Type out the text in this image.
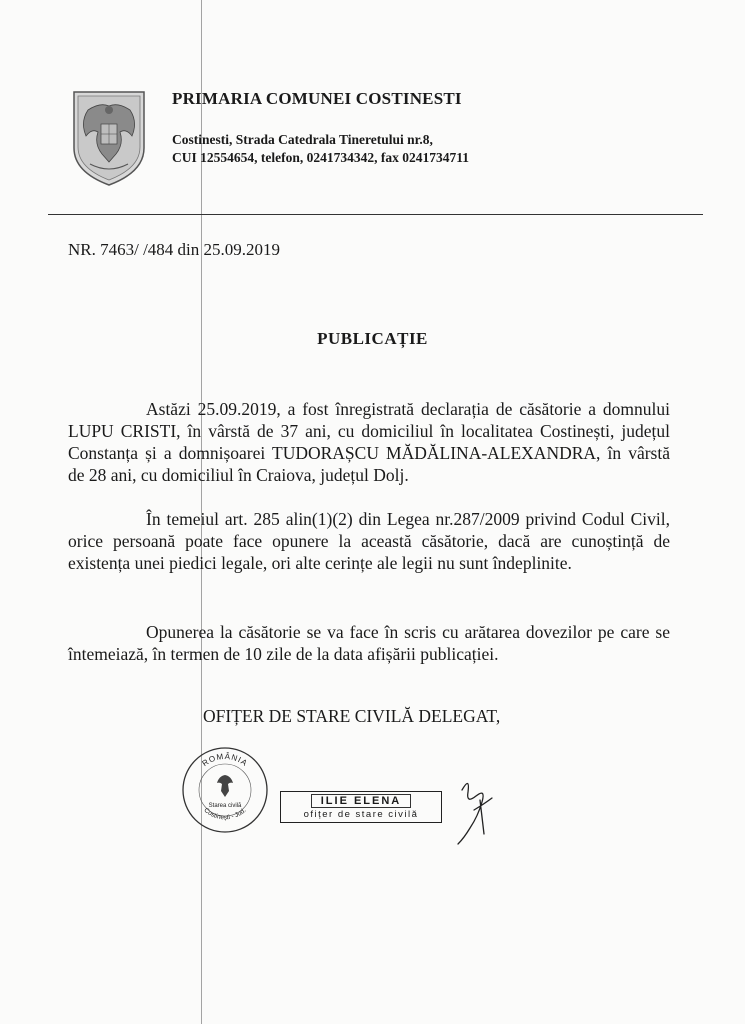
PRIMARIA COMUNEI COSTINESTI
Costinesti, Strada Catedrala Tineretului nr.8,
CUI 12554654, telefon, 0241734342, fax 0241734711
NR. 7463/ /484 din 25.09.2019
PUBLICAȚIE
Astăzi 25.09.2019, a fost înregistrată declarația de căsătorie a domnului LUPU CRISTI, în vârstă de 37 ani, cu domiciliul în localitatea Costinești, județul Constanța și a domnișoarei TUDORAȘCU MĂDĂLINA-ALEXANDRA, în vârstă de 28 ani, cu domiciliul în Craiova, județul Dolj.
În temeiul art. 285 alin(1)(2) din Legea nr.287/2009 privind Codul Civil, orice persoană poate face opunere la această căsătorie, dacă are cunoștință de existența unei piedici legale, ori alte cerințe ale legii nu sunt îndeplinite.
Opunerea la căsătorie se va face în scris cu arătarea dovezilor pe care se întemeiază, în termen de 10 zile de la data afișării publicației.
OFIȚER DE STARE CIVILĂ DELEGAT,
ROMÂNIA
Starea civilă
Costinești - Jud.
ILIE ELENA
ofițer de stare civilă
